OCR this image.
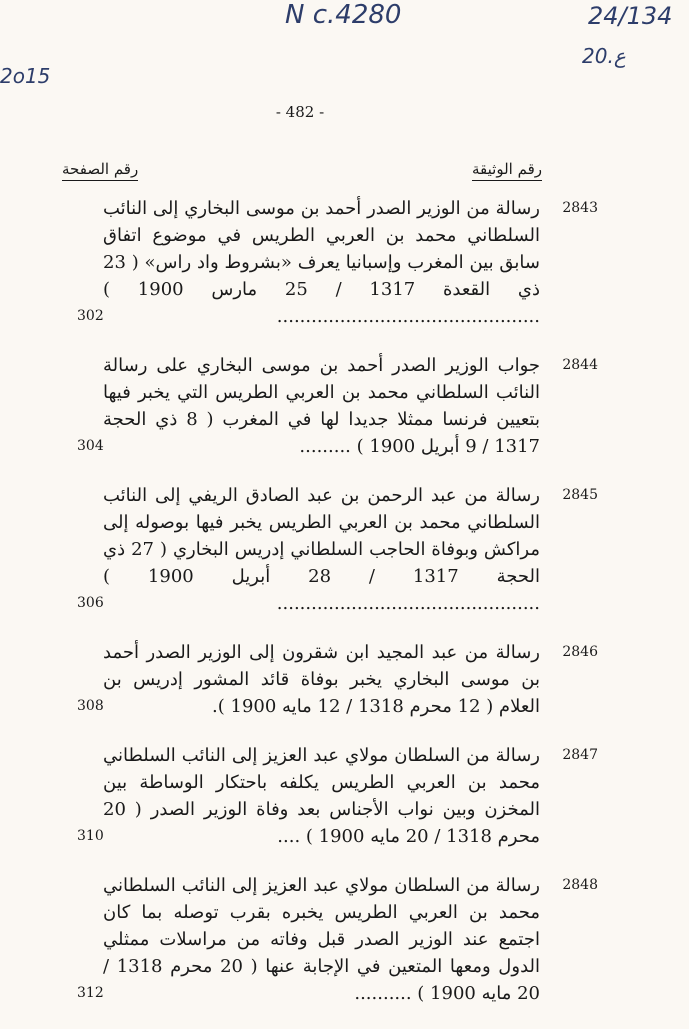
N c.4280	24/134
20.ع
2o15
- 482 -
رقم الوثيقة
رقم الصفحة
2843
رسالة من الوزير الصدر أحمد بن موسى البخاري إلى النائب السلطاني محمد بن العربي الطريس في موضوع اتفاق سابق بين المغرب وإسبانيا يعرف «بشروط واد راس» ( 23 ذي القعدة 1317 / 25 مارس 1900 ) ..............................................
302
2844
جواب الوزير الصدر أحمد بن موسى البخاري على رسالة النائب السلطاني محمد بن العربي الطريس التي يخبر فيها بتعيين فرنسا ممثلا جديدا لها في المغرب ( 8 ذي الحجة 1317 / 9 أبريل 1900 ) .........
304
2845
رسالة من عبد الرحمن بن عبد الصادق الريفي إلى النائب السلطاني محمد بن العربي الطريس يخبر فيها بوصوله إلى مراكش وبوفاة الحاجب السلطاني إدريس البخاري ( 27 ذي الحجة 1317 / 28 أبريل 1900 ) ..............................................
306
2846
رسالة من عبد المجيد ابن شقرون إلى الوزير الصدر أحمد بن موسى البخاري يخبر بوفاة قائد المشور إدريس بن العلام ( 12 محرم 1318 / 12 مايه 1900 ).
308
2847
رسالة من السلطان مولاي عبد العزيز إلى النائب السلطاني محمد بن العربي الطريس يكلفه باحتكار الوساطة بين المخزن وبين نواب الأجناس بعد وفاة الوزير الصدر ( 20 محرم 1318 / 20 مايه 1900 ) ....
310
2848
رسالة من السلطان مولاي عبد العزيز إلى النائب السلطاني محمد بن العربي الطريس يخبره بقرب توصله بما كان اجتمع عند الوزير الصدر قبل وفاته من مراسلات ممثلي الدول ومعها المتعين في الإجابة عنها ( 20 محرم 1318 / 20 مايه 1900 ) ..........
312
